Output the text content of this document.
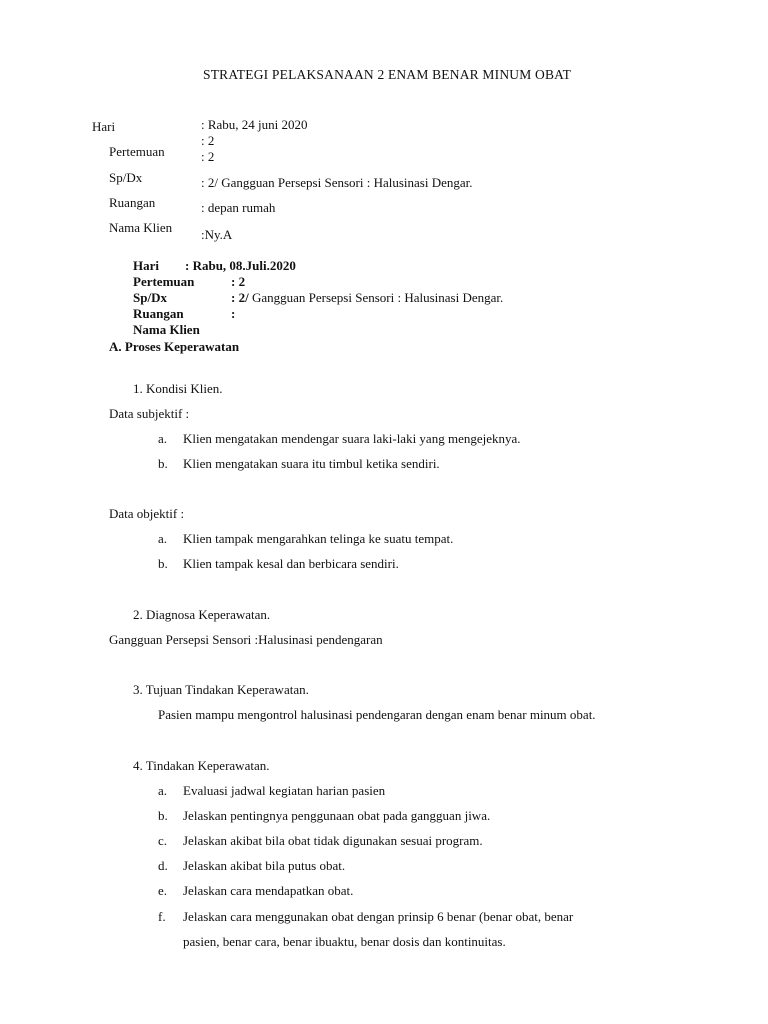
STRATEGI PELAKSANAAN 2 ENAM BENAR MINUM OBAT
Hari	: Rabu, 24 juni 2020
: 2
Pertemuan	: 2
Sp/Dx	: 2/ Gangguan Persepsi Sensori : Halusinasi Dengar.
Ruangan	: depan rumah
Nama Klien :Ny.A
Hari : Rabu, 08.Juli.2020
Pertemuan	: 2
Sp/Dx	: 2/ Gangguan Persepsi Sensori : Halusinasi Dengar.
Ruangan	:
Nama Klien
A. Proses Keperawatan
1. Kondisi Klien.
Data subjektif :
a. Klien mengatakan mendengar suara laki-laki yang mengejeknya.
b. Klien mengatakan suara itu timbul ketika sendiri.
Data objektif :
a. Klien tampak mengarahkan telinga ke suatu tempat.
b. Klien tampak kesal dan berbicara sendiri.
2. Diagnosa Keperawatan.
Gangguan Persepsi Sensori :Halusinasi pendengaran
3. Tujuan Tindakan Keperawatan.
Pasien mampu mengontrol halusinasi pendengaran dengan enam benar minum obat.
4. Tindakan Keperawatan.
a. Evaluasi jadwal kegiatan harian pasien
b. Jelaskan pentingnya penggunaan obat pada gangguan jiwa.
c. Jelaskan akibat bila obat tidak digunakan sesuai program.
d. Jelaskan akibat bila putus obat.
e. Jelaskan cara mendapatkan obat.
f. Jelaskan cara menggunakan obat dengan prinsip 6 benar (benar obat, benar
pasien, benar cara, benar ibuaktu, benar dosis dan kontinuitas.
